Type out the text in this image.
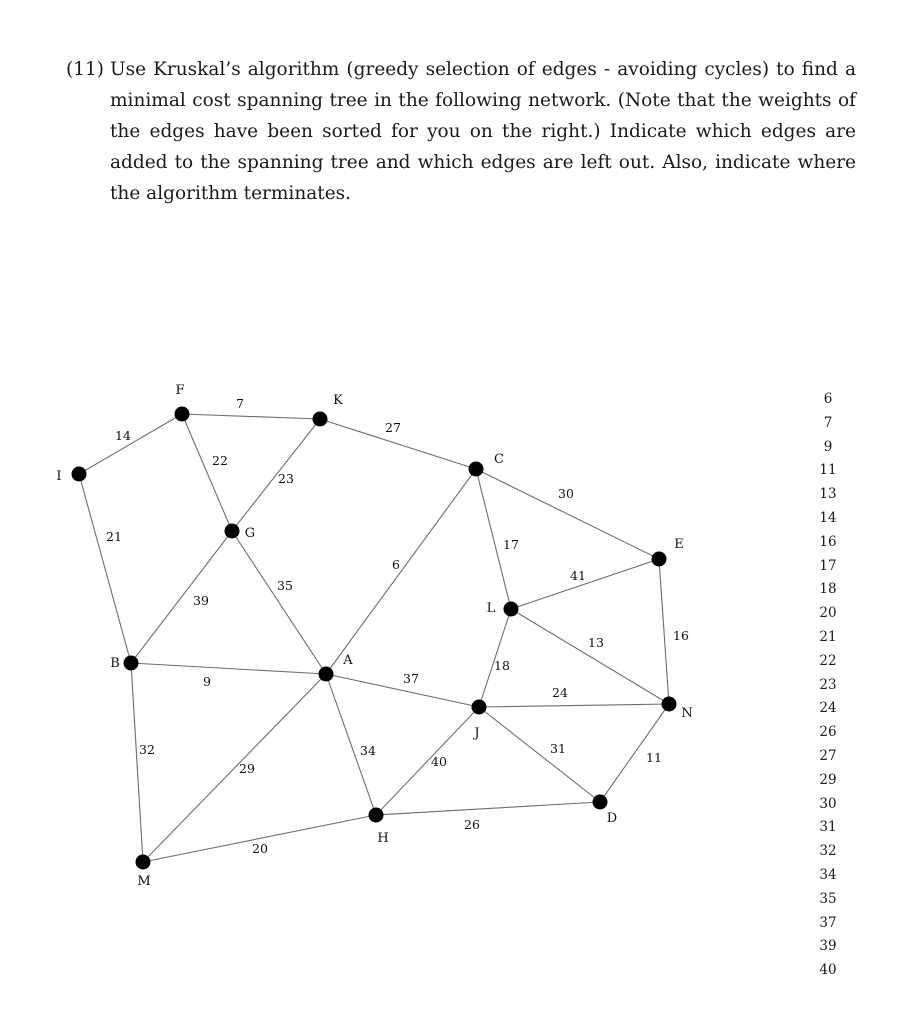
(11) Use Kruskal’s algorithm (greedy selection of edges - avoiding cycles) to find a minimal cost spanning tree in the following network. (Note that the weights of the edges have been sorted for you on the right.) Indicate which edges are added to the spanning tree and which edges are left out. Also, indicate where the algorithm terminates.
7
14
22
23
27
21
39
35
6
30
17
41
13	16
18
9	37
24
32
29
34
40
31
11
26
20
A
B
C
D
E
F
G
H
I
J
K
L
M
N
6
7
9
11
13
14
16
17
18
20
21
22
23
24
26
27
29
30
31
32
34
35
37
39
40
